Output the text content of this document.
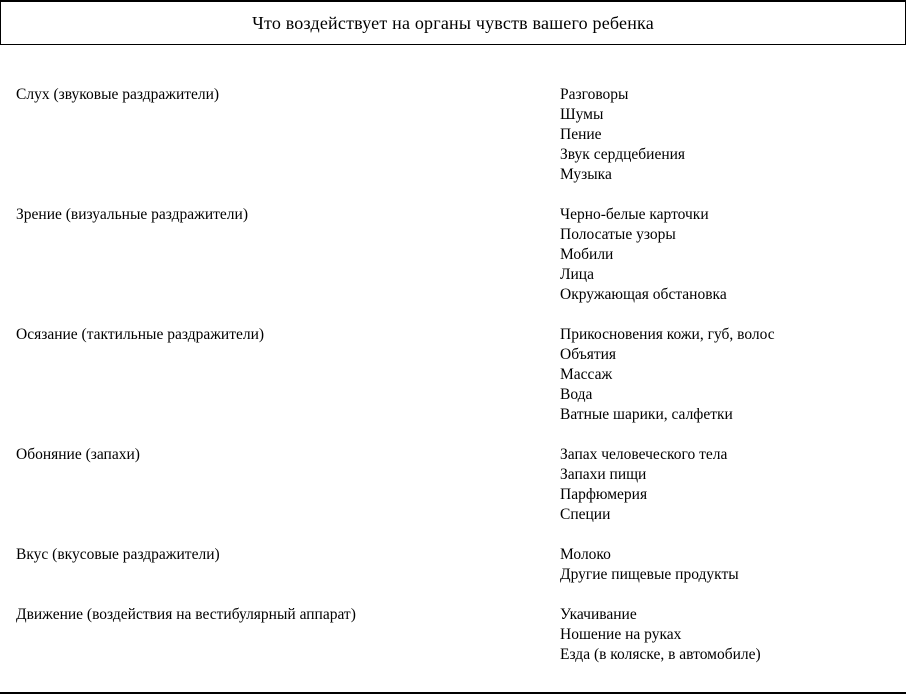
Что воздействует на органы чувств вашего ребенка
Слух (звуковые раздражители)	Разговоры
Шумы
Пение
Звук сердцебиения
Музыка
Зрение (визуальные раздражители)	Черно-белые карточки
Полосатые узоры
Мобили
Лица
Окружающая обстановка
Осязание (тактильные раздражители)	Прикосновения кожи, губ, волос
Объятия
Массаж
Вода
Ватные шарики, салфетки
Обоняние (запахи)	Запах человеческого тела
Запахи пищи
Парфюмерия
Специи
Вкус (вкусовые раздражители)	Молоко
Другие пищевые продукты
Движение (воздействия на вестибулярный аппарат)	Укачивание
Ношение на руках
Езда (в коляске, в автомобиле)
